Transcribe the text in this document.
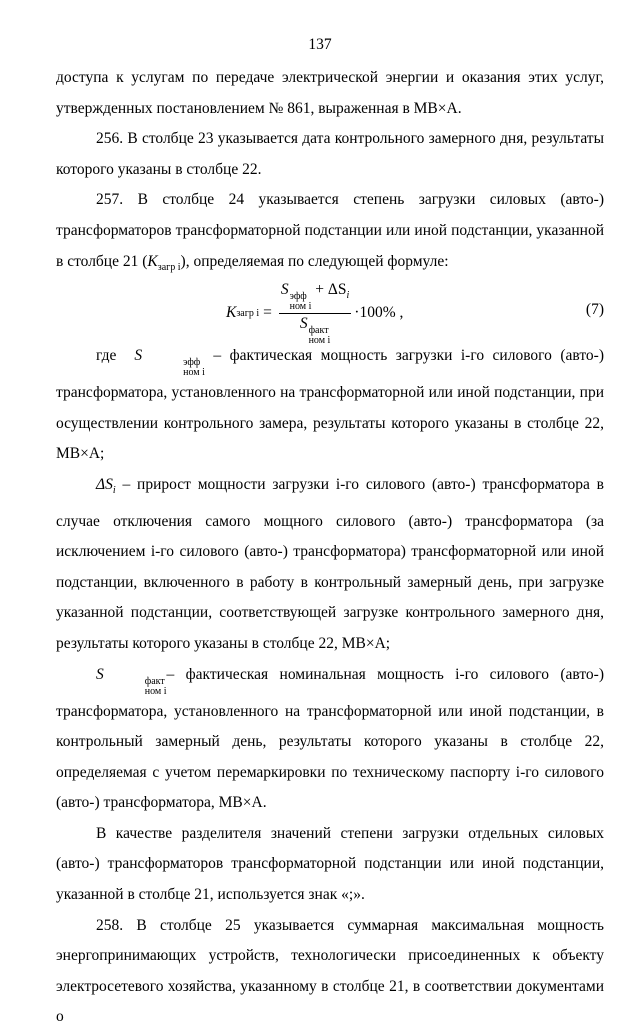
137

доступа к услугам по передаче электрической энергии и оказания этих услуг, утвержденных постановлением № 861, выраженная в МВ×А.

256. В столбце 23 указывается дата контрольного замерного дня, результаты которого указаны в столбце 22.

257. В столбце 24 указывается степень загрузки силовых (авто-) трансформаторов трансформаторной подстанции или иной подстанции, указанной в столбце 21 $(K_{загр i})$, определяемая по следующей формуле:

K загр i = S эфф
ном i
+ $\Delta S_i$
S факт
ном i ·100% ,	(7)

где S	эфф
ном i
– фактическая мощность загрузки i-го силового (авто-) трансформатора, установленного на трансформаторной или иной подстанции, при осуществлении контрольного замера, результаты которого указаны в столбце 22, МВ×А;

$\Delta S_i$ – прирост мощности загрузки i-го силового (авто-) трансформатора в случае отключения самого мощного силового (авто-) трансформатора (за исключением i-го силового (авто-) трансформатора) трансформаторной или иной подстанции, включенного в работу в контрольный замерный день, при загрузке указанной подстанции, соответствующей загрузке контрольного замерного дня, результаты которого указаны в столбце 22, МВ×А;

S	факт
ном i
– фактическая номинальная мощность i-го силового (авто-) трансформатора, установленного на трансформаторной или иной подстанции, в контрольный замерный день, результаты которого указаны в столбце 22, определяемая с учетом перемаркировки по техническому паспорту i-го силового (авто-) трансформатора, МВ×А.

В качестве разделителя значений степени загрузки отдельных силовых (авто-) трансформаторов трансформаторной подстанции или иной подстанции, указанной в столбце 21, используется знак «;».

258. В столбце 25 указывается суммарная максимальная мощность энергопринимающих устройств, технологически присоединенных к объекту электросетевого хозяйства, указанному в столбце 21, в соответствии документами о
